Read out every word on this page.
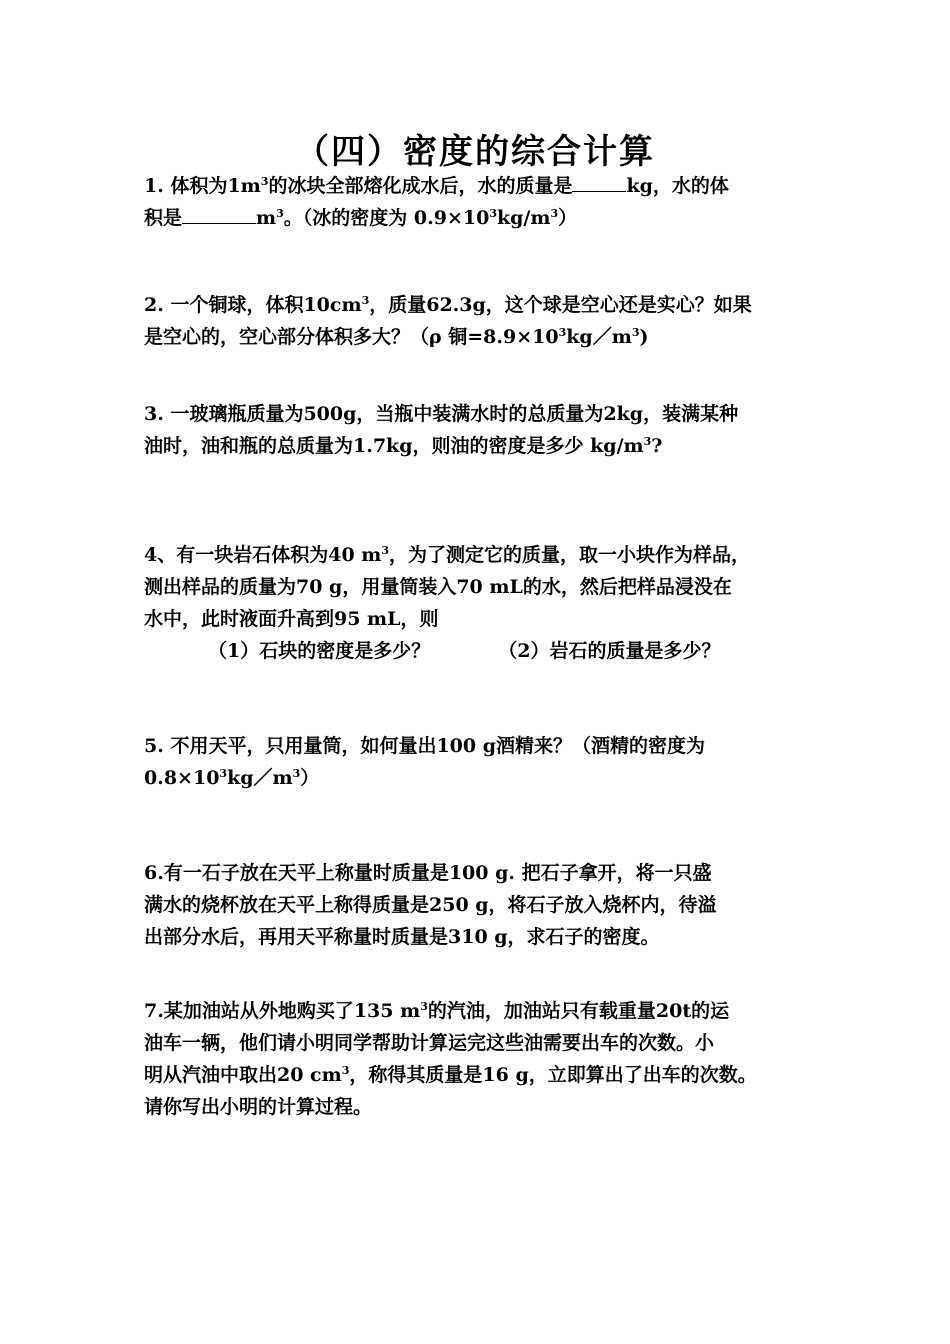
（四）密度的综合计算
1. 体积为$1m^3$的冰块全部熔化成水后，水的质量是	kg，水的体
积是	$m^3$。（冰的密度为 $0.9\times 10^3kg/m^3$）
2. 一个铜球，体积$10cm^3$，质量62.3g，这个球是空心还是实心？如果
是空心的，空心部分体积多大？（ρ 铜$=8.9\times 10^3kg/m^3$)
3. 一玻璃瓶质量为500g，当瓶中装满水时的总质量为2kg，装满某种
油时，油和瓶的总质量为1.7kg，则油的密度是多少 $kg/m^3$?
4、有一块岩石体积为40 $m^3$，为了测定它的质量，取一小块作为样品，
测出样品的质量为70 g，用量筒装入70 mL的水，然后把样品浸没在
水中，此时液面升高到95 mL，则
（1）石块的密度是多少？	（2）岩石的质量是多少？
5. 不用天平，只用量筒，如何量出100 g酒精来？（酒精的密度为
$0.8\times 10^3kg/m^3$）
6.有一石子放在天平上称量时质量是100 g. 把石子拿开，将一只盛
满水的烧杯放在天平上称得质量是250 g，将石子放入烧杯内，待溢
出部分水后，再用天平称量时质量是310 g，求石子的密度。
7.某加油站从外地购买了135 $m^3$的汽油，加油站只有载重量20t的运
油车一辆，他们请小明同学帮助计算运完这些油需要出车的次数。小
明从汽油中取出20 $cm^3$，称得其质量是16 g，立即算出了出车的次数。
请你写出小明的计算过程。
